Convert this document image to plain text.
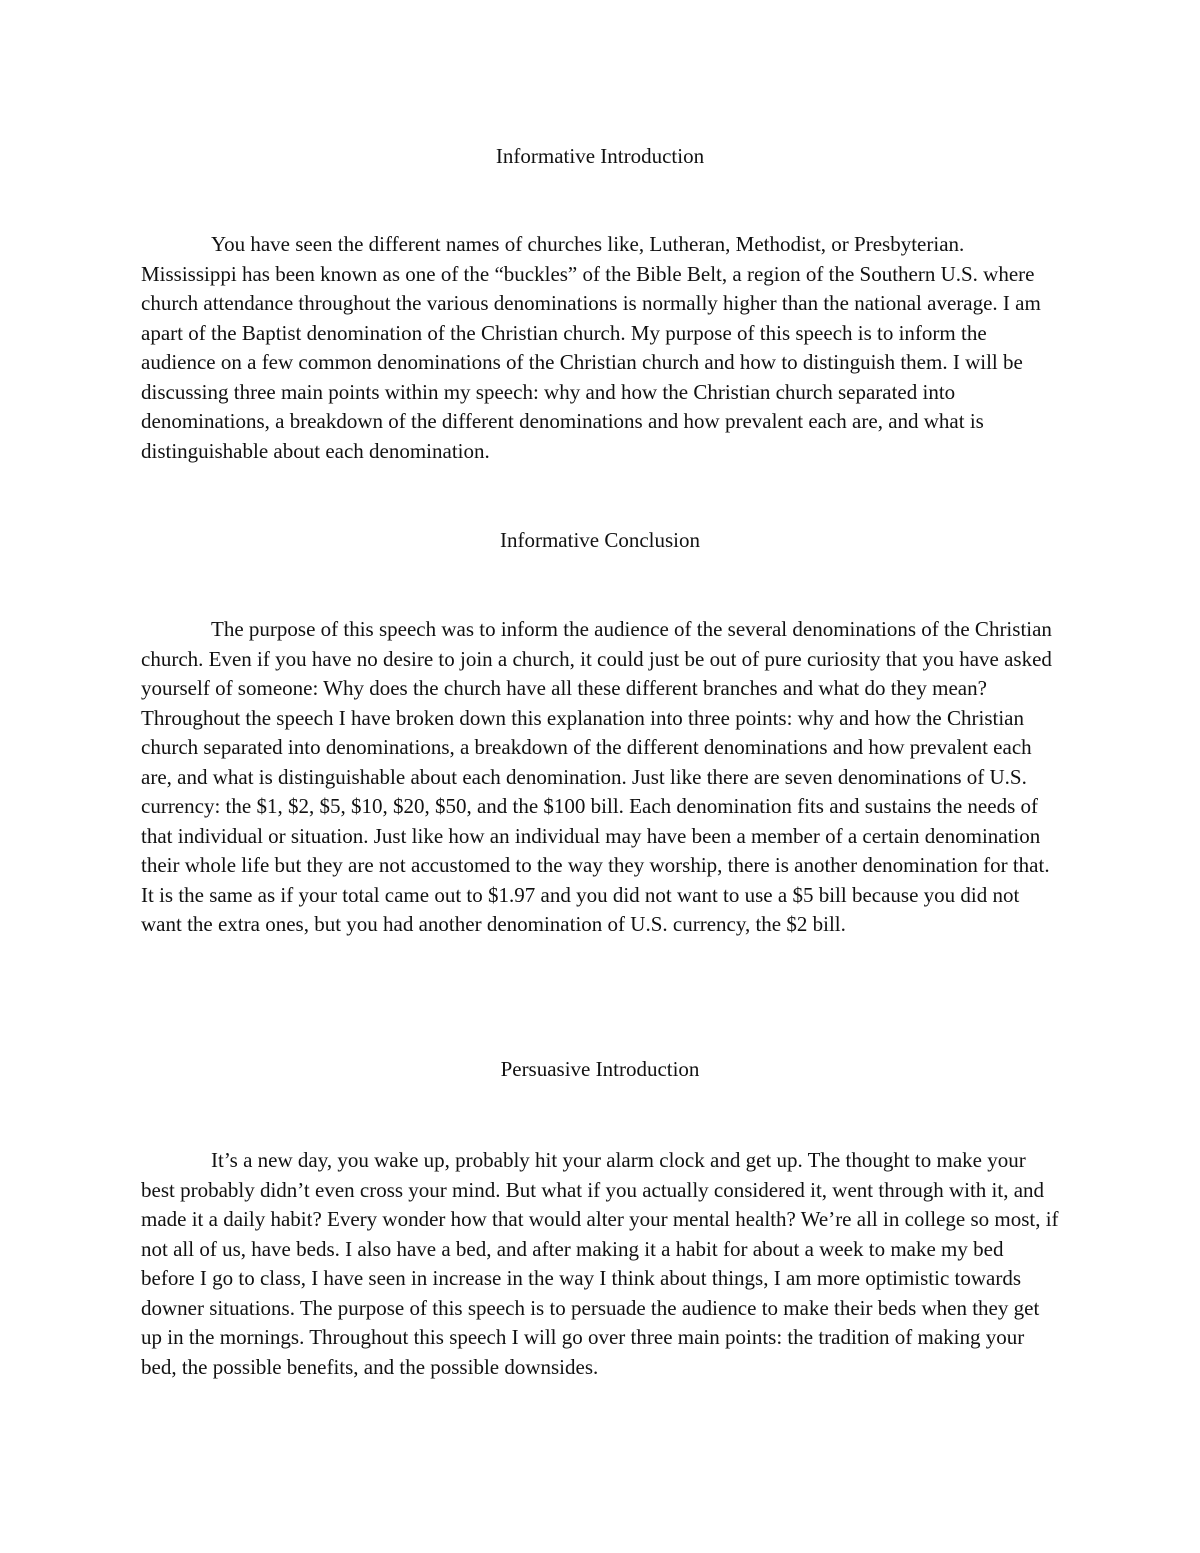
Informative Introduction

You have seen the different names of churches like, Lutheran, Methodist, or Presbyterian. Mississippi has been known as one of the “buckles” of the Bible Belt, a region of the Southern U.S. where church attendance throughout the various denominations is normally higher than the national average. I am apart of the Baptist denomination of the Christian church. My purpose of this speech is to inform the audience on a few common denominations of the Christian church and how to distinguish them. I will be discussing three main points within my speech: why and how the Christian church separated into denominations, a breakdown of the different denominations and how prevalent each are, and what is distinguishable about each denomination.

Informative Conclusion

The purpose of this speech was to inform the audience of the several denominations of the Christian church. Even if you have no desire to join a church, it could just be out of pure curiosity that you have asked yourself of someone: Why does the church have all these different branches and what do they mean? Throughout the speech I have broken down this explanation into three points: why and how the Christian church separated into denominations, a breakdown of the different denominations and how prevalent each are, and what is distinguishable about each denomination. Just like there are seven denominations of U.S. currency: the $1, $2, $5, $10, $20, $50, and the $100 bill. Each denomination fits and sustains the needs of that individual or situation. Just like how an individual may have been a member of a certain denomination their whole life but they are not accustomed to the way they worship, there is another denomination for that. It is the same as if your total came out to $1.97 and you did not want to use a $5 bill because you did not want the extra ones, but you had another denomination of U.S. currency, the $2 bill.

Persuasive Introduction

It’s a new day, you wake up, probably hit your alarm clock and get up. The thought to make your best probably didn’t even cross your mind. But what if you actually considered it, went through with it, and made it a daily habit? Every wonder how that would alter your mental health? We’re all in college so most, if not all of us, have beds. I also have a bed, and after making it a habit for about a week to make my bed before I go to class, I have seen in increase in the way I think about things, I am more optimistic towards downer situations. The purpose of this speech is to persuade the audience to make their beds when they get up in the mornings. Throughout this speech I will go over three main points: the tradition of making your bed, the possible benefits, and the possible downsides.
